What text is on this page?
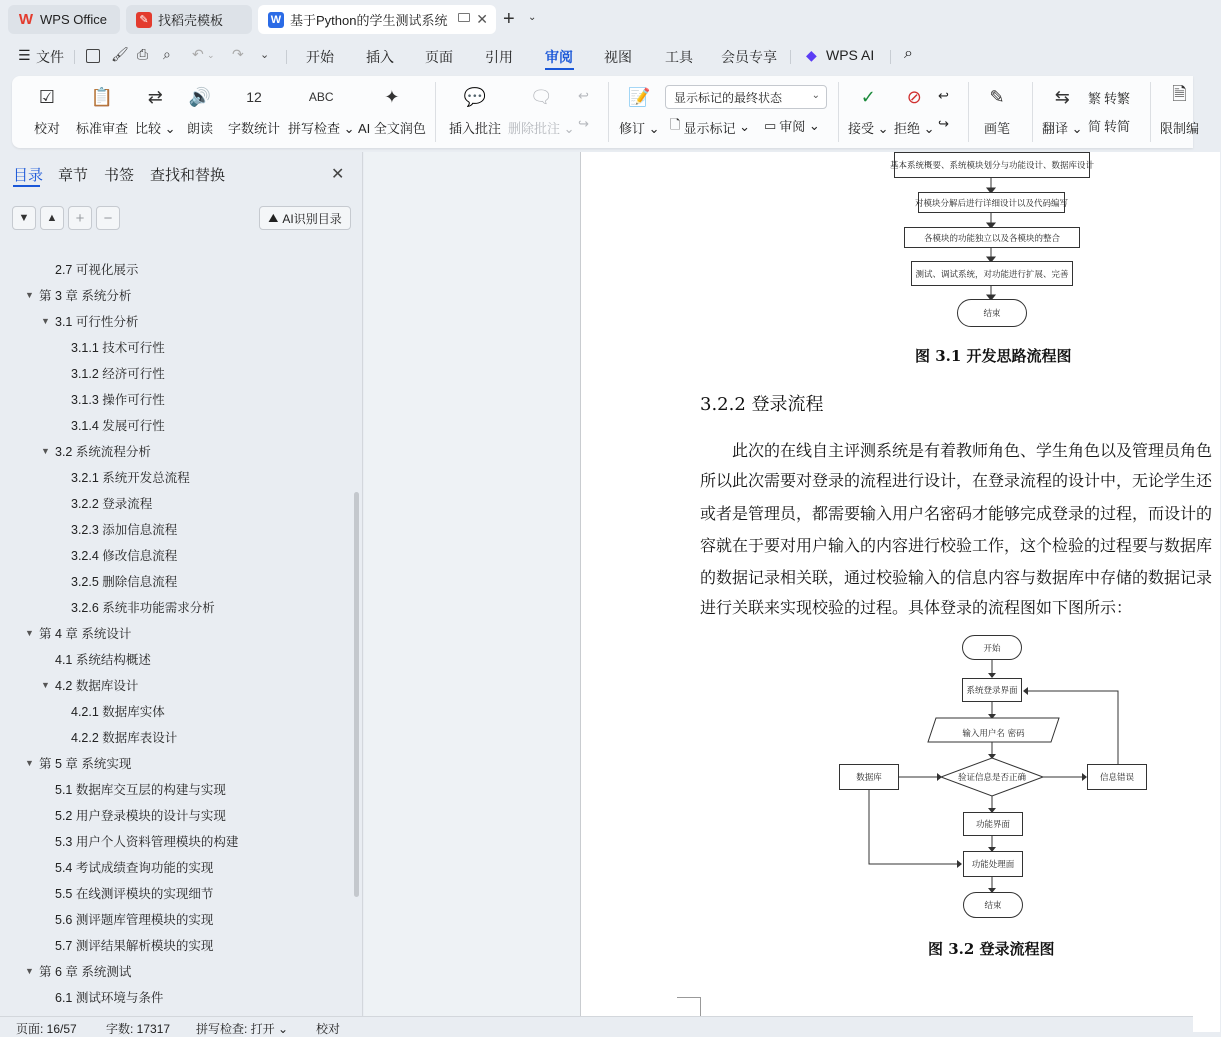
W WPS Office	✎ 找稻壳模板	W 基于Python的学生测试系统 ✕ + ⌄
☰ 文件	🖌 ⎙ ⌕ ↶ ⌄ ↷ ⌄	开始 插入 页面 引用 审阅 视图 工具 会员专享 ◆ WPS AI ⌕
☑
校对
📋
标准审查
⇄
比较 ⌄
🔊
朗读
12
字数统计
ABC
拼写检查 ⌄
✦
AI 全文润色
💬
插入批注
🗨
删除批注 ⌄
↩
↪
📝
修订 ⌄
显示标记的最终状态	⌄
🗋 显示标记 ⌄ ▭ 审阅 ⌄
✓
接受 ⌄
⊘
拒绝 ⌄
↩
↪
✎
画笔
⇆
翻译 ⌄
繁 转繁
简 转简
🗎
限制编
目录 章节 书签 查找和替换	✕
▼	▲	+	−	⛰ AI识别目录
2.7 可视化展示
▼ 第 3 章 系统分析
▼ 3.1 可行性分析
3.1.1 技术可行性
3.1.2 经济可行性
3.1.3 操作可行性
3.1.4 发展可行性
▼ 3.2 系统流程分析
3.2.1 系统开发总流程
3.2.2 登录流程
3.2.3 添加信息流程
3.2.4 修改信息流程
3.2.5 删除信息流程
3.2.6 系统非功能需求分析
▼ 第 4 章 系统设计
4.1 系统结构概述
▼ 4.2 数据库设计
4.2.1 数据库实体
4.2.2 数据库表设计
▼ 第 5 章 系统实现
5.1 数据库交互层的构建与实现
5.2 用户登录模块的设计与实现
5.3 用户个人资料管理模块的构建
5.4 考试成绩查询功能的实现
5.5 在线测评模块的实现细节
5.6 测评题库管理模块的实现
5.7 测评结果解析模块的实现
▼ 第 6 章 系统测试
6.1 测试环境与条件
基本系统概要、系统模块划分与功能设计、数据库设计
对模块分解后进行详细设计以及代码编写
各模块的功能独立以及各模块的整合
测试、调试系统，对功能进行扩展、完善
结束
图 3.1 开发思路流程图
3.2.2 登录流程
此次的在线自主评测系统是有着教师角色、学生角色以及管理员角色
所以此次需要对登录的流程进行设计，在登录流程的设计中，无论学生还
或者是管理员，都需要输入用户名密码才能够完成登录的过程，而设计的
容就在于要对用户输入的内容进行校验工作，这个检验的过程要与数据库
的数据记录相关联，通过校验输入的信息内容与数据库中存储的数据记录
进行关联来实现校验的过程。具体登录的流程图如下图所示：
开始
系统登录界面
输入用户名 密码
验证信息是否正确
数据库	信息错误
功能界面
功能处理面
结束
图 3.2 登录流程图
页面: 16/57 字数: 17317 拼写检查: 打开 ⌄ 校对
